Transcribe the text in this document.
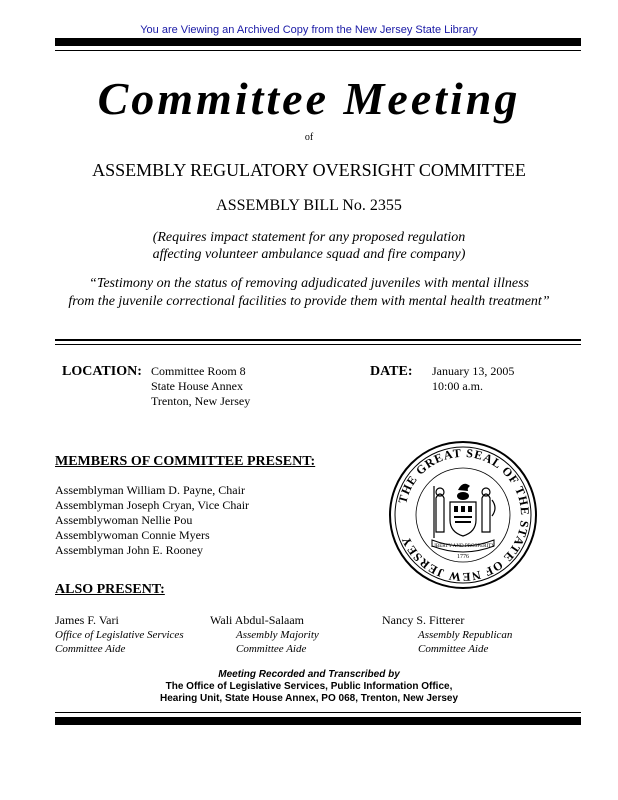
You are Viewing an Archived Copy from the New Jersey State Library
Committee Meeting
of
ASSEMBLY REGULATORY OVERSIGHT COMMITTEE
ASSEMBLY BILL No. 2355
(Requires impact statement for any proposed regulation
affecting volunteer ambulance squad and fire company)
“Testimony on the status of removing adjudicated juveniles with mental illness
from the juvenile correctional facilities to provide them with mental health treatment”
LOCATION: Committee Room 8
State House Annex
Trenton, New Jersey
DATE: January 13, 2005
10:00 a.m.
MEMBERS OF COMMITTEE PRESENT:
Assemblyman William D. Payne, Chair
Assemblyman Joseph Cryan, Vice Chair
Assemblywoman Nellie Pou
Assemblywoman Connie Myers
Assemblyman John E. Rooney
THE GREAT SEAL OF THE STATE OF NEW JERSEY	LIBERTY AND PROSPERITY
1776
ALSO PRESENT:
James F. Vari
Office of Legislative Services
Committee Aide
Wali Abdul-Salaam
Assembly Majority
Committee Aide
Nancy S. Fitterer
Assembly Republican
Committee Aide
Meeting Recorded and Transcribed by
The Office of Legislative Services, Public Information Office,
Hearing Unit, State House Annex, PO 068, Trenton, New Jersey
